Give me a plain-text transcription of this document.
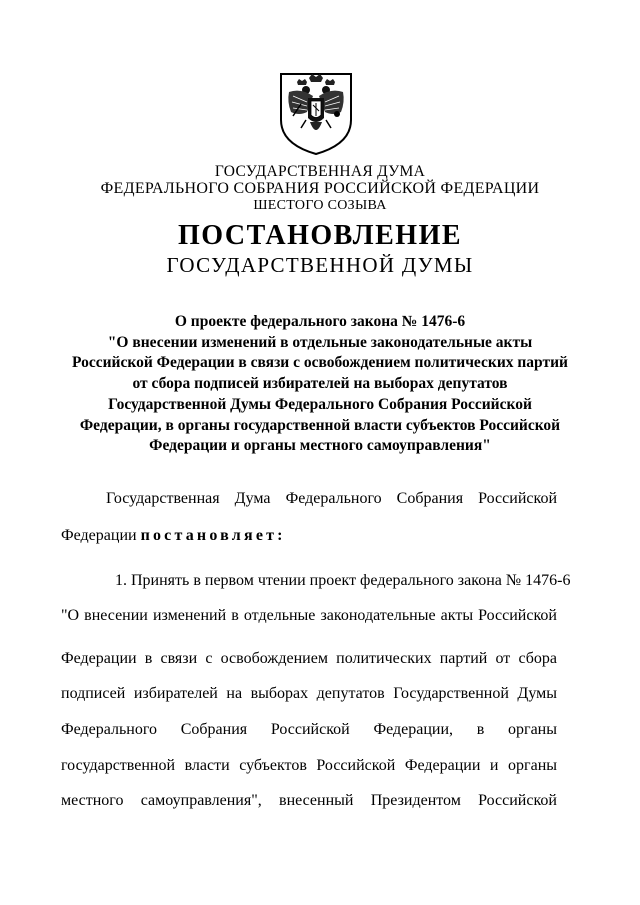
ГОСУДАРСТВЕННАЯ ДУМА
ФЕДЕРАЛЬНОГО СОБРАНИЯ РОССИЙСКОЙ ФЕДЕРАЦИИ
ШЕСТОГО СОЗЫВА
ПОСТАНОВЛЕНИЕ
ГОСУДАРСТВЕННОЙ ДУМЫ
О проекте федерального закона № 1476-6
"О внесении изменений в отдельные законодательные акты
Российской Федерации в связи с освобождением политических партий
от сбора подписей избирателей на выборах депутатов
Государственной Думы Федерального Собрания Российской
Федерации, в органы государственной власти субъектов Российской
Федерации и органы местного самоуправления"
Государственная Дума Федерального Собрания Российской
Федерации постановляет:
1. Принять в первом чтении проект федерального закона № 1476-6
"О внесении изменений в отдельные законодательные акты Российской
Федерации в связи с освобождением политических партий от сбора
подписей избирателей на выборах депутатов Государственной Думы
Федерального Собрания Российской Федерации, в органы
государственной власти субъектов Российской Федерации и органы
местного самоуправления", внесенный Президентом Российской
